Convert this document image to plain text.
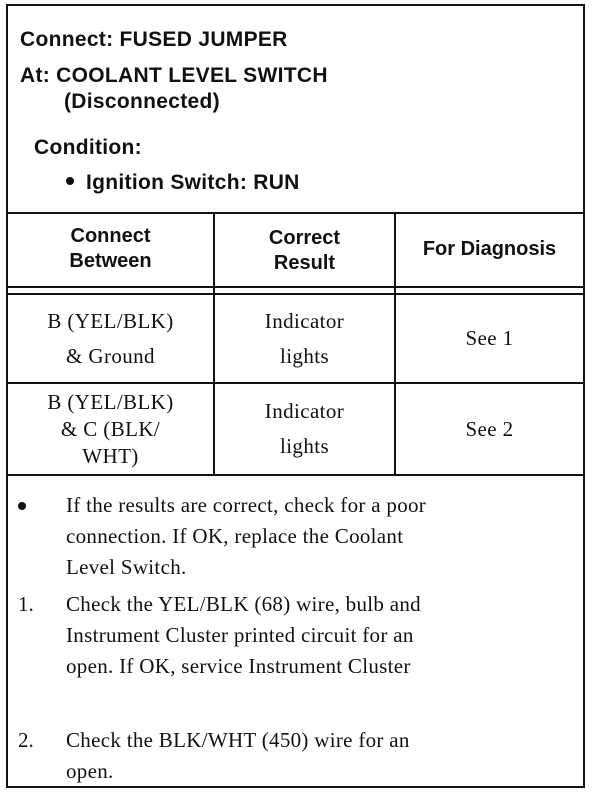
Connect: FUSED JUMPER
At: COOLANT LEVEL SWITCH
(Disconnected)
Condition:
Ignition Switch: RUN
Connect
Between
Correct
Result
For Diagnosis
B (YEL/BLK)
& Ground
Indicator
lights
See 1
B (YEL/BLK)
& C (BLK/
WHT)
Indicator
lights
See 2
If the results are correct, check for a poor
connection. If OK, replace the Coolant
Level Switch.
1.	Check the YEL/BLK (68) wire, bulb and
Instrument Cluster printed circuit for an
open. If OK, service Instrument Cluster
2.	Check the BLK/WHT (450) wire for an
open.
